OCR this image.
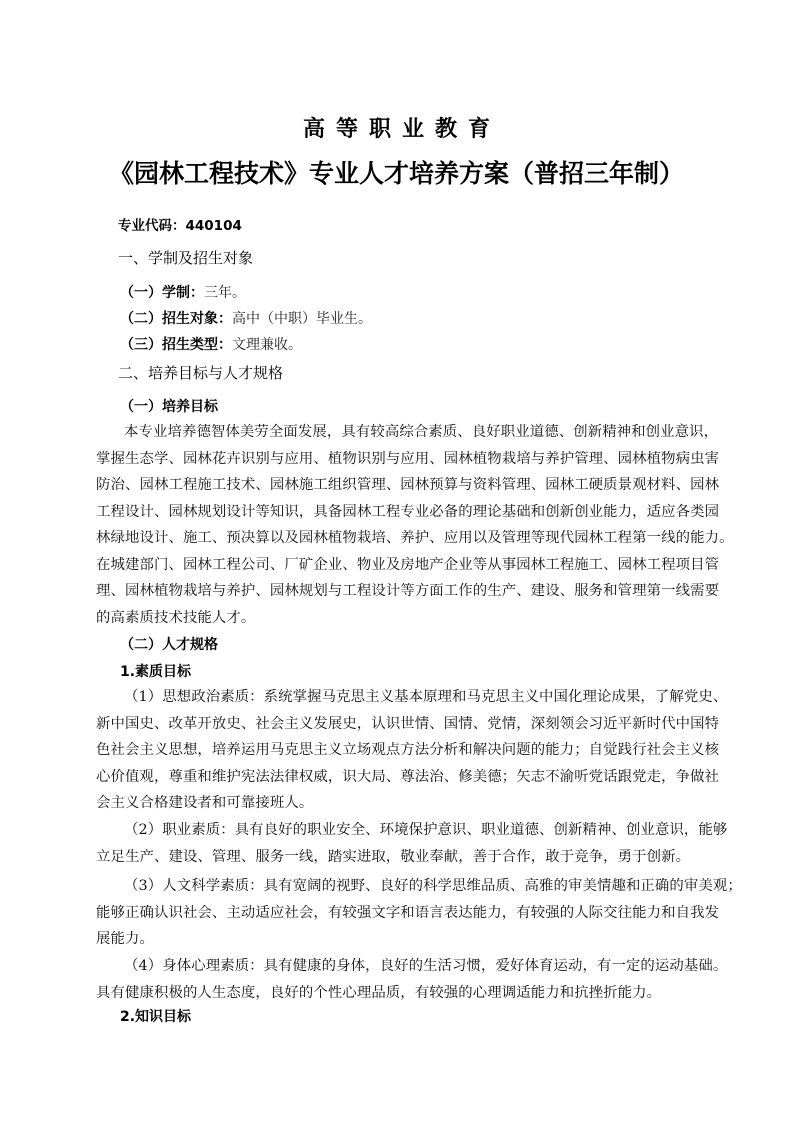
高等职业教育
《园林工程技术》专业人才培养方案（普招三年制）
专业代码：440104
一、学制及招生对象
（一）学制：三年。
（二）招生对象：高中（中职）毕业生。
（三）招生类型：文理兼收。
二、培养目标与人才规格
（一）培养目标
本专业培养德智体美劳全面发展，具有较高综合素质、良好职业道德、创新精神和创业意识，
掌握生态学、园林花卉识别与应用、植物识别与应用、园林植物栽培与养护管理、园林植物病虫害
防治、园林工程施工技术、园林施工组织管理、园林预算与资料管理、园林工硬质景观材料、园林
工程设计、园林规划设计等知识，具备园林工程专业必备的理论基础和创新创业能力，适应各类园
林绿地设计、施工、预决算以及园林植物栽培、养护、应用以及管理等现代园林工程第一线的能力。
在城建部门、园林工程公司、厂矿企业、物业及房地产企业等从事园林工程施工、园林工程项目管
理、园林植物栽培与养护、园林规划与工程设计等方面工作的生产、建设、服务和管理第一线需要
的高素质技术技能人才。
（二）人才规格
1.素质目标
（1）思想政治素质：系统掌握马克思主义基本原理和马克思主义中国化理论成果，了解党史、
新中国史、改革开放史、社会主义发展史，认识世情、国情、党情，深刻领会习近平新时代中国特
色社会主义思想，培养运用马克思主义立场观点方法分析和解决问题的能力；自觉践行社会主义核
心价值观，尊重和维护宪法法律权威，识大局、尊法治、修美德；矢志不渝听党话跟党走，争做社
会主义合格建设者和可靠接班人。
（2）职业素质：具有良好的职业安全、环境保护意识、职业道德、创新精神、创业意识，能够
立足生产、建设、管理、服务一线，踏实进取，敬业奉献，善于合作，敢于竞争，勇于创新。
（3）人文科学素质：具有宽阔的视野、良好的科学思维品质、高雅的审美情趣和正确的审美观；
能够正确认识社会、主动适应社会，有较强文字和语言表达能力，有较强的人际交往能力和自我发
展能力。
（4）身体心理素质：具有健康的身体，良好的生活习惯，爱好体育运动，有一定的运动基础。
具有健康积极的人生态度，良好的个性心理品质，有较强的心理调适能力和抗挫折能力。
2.知识目标
